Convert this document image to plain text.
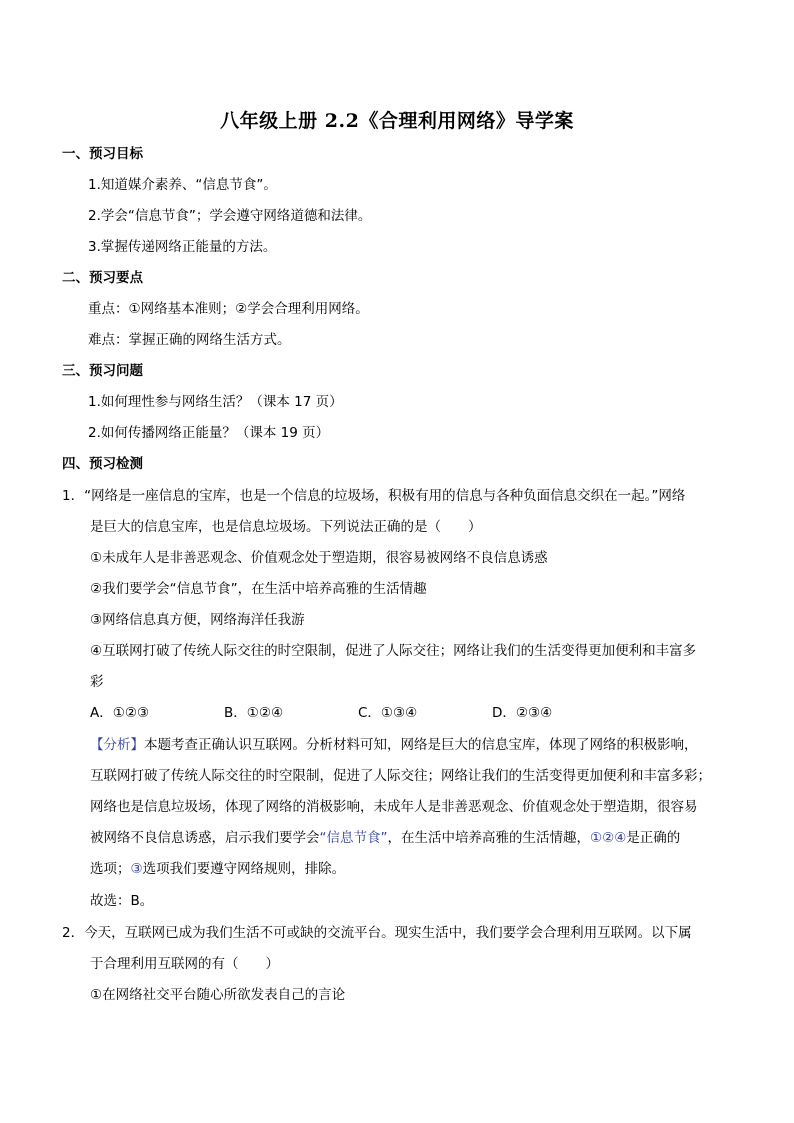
八年级上册 2.2《合理利用网络》导学案
一、预习目标
1.知道媒介素养、“信息节食”。
2.学会“信息节食”；学会遵守网络道德和法律。
3.掌握传递网络正能量的方法。
二、预习要点
重点：①网络基本准则；②学会合理利用网络。
难点：掌握正确的网络生活方式。
三、预习问题
1.如何理性参与网络生活？（课本 17 页）
2.如何传播网络正能量？（课本 19 页）
四、预习检测
1．“网络是一座信息的宝库，也是一个信息的垃圾场，积极有用的信息与各种负面信息交织在一起。”网络
是巨大的信息宝库，也是信息垃圾场。下列说法正确的是（　　）
①未成年人是非善恶观念、价值观念处于塑造期，很容易被网络不良信息诱惑
②我们要学会“信息节食”，在生活中培养高雅的生活情趣
③网络信息真方便，网络海洋任我游
④互联网打破了传统人际交往的时空限制，促进了人际交往；网络让我们的生活变得更加便利和丰富多
彩
A．①②③	B．①②④	C．①③④	D．②③④
【分析】本题考查正确认识互联网。分析材料可知，网络是巨大的信息宝库，体现了网络的积极影响，
互联网打破了传统人际交往的时空限制，促进了人际交往；网络让我们的生活变得更加便利和丰富多彩；
网络也是信息垃圾场，体现了网络的消极影响，未成年人是非善恶观念、价值观念处于塑造期，很容易
被网络不良信息诱惑，启示我们要学会“信息节食”，在生活中培养高雅的生活情趣，①②④是正确的
选项；③选项我们要遵守网络规则，排除。
故选：B。
2．今天，互联网已成为我们生活不可或缺的交流平台。现实生活中，我们要学会合理利用互联网。以下属
于合理利用互联网的有（　　）
①在网络社交平台随心所欲发表自己的言论
